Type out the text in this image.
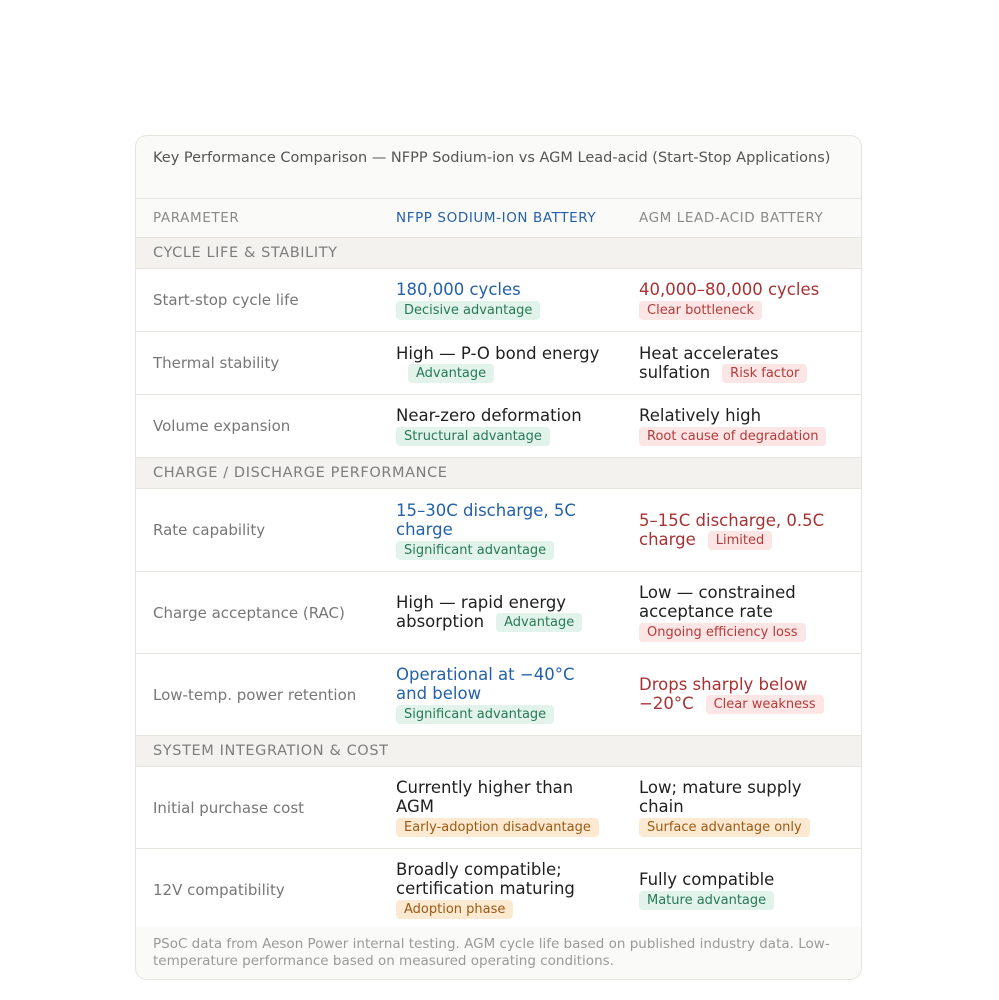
Key Performance Comparison — NFPP Sodium-ion vs AGM Lead-acid (Start-Stop Applications)
PARAMETER	NFPP SODIUM-ION BATTERY	AGM LEAD-ACID BATTERY
CYCLE LIFE & STABILITY
Start-stop cycle life
180,000 cycles
Decisive advantage
40,000–80,000 cycles
Clear bottleneck
Thermal stability
High — P-O bond energyAdvantage
Heat accelerates sulfation Risk factor
Volume expansion
Near-zero deformation
Structural advantage
Relatively high
Root cause of degradation
CHARGE / DISCHARGE PERFORMANCE
Rate capability
15–30C discharge, 5C charge
Significant advantage
5–15C discharge, 0.5C charge Limited
Charge acceptance (RAC)
High — rapid energy absorption Advantage
Low — constrained acceptance rate
Ongoing efficiency loss
Low-temp. power retention
Operational at −40°C and below
Significant advantage
Drops sharply below −20°C Clear weakness
SYSTEM INTEGRATION & COST
Initial purchase cost
Currently higher than AGM
Early-adoption disadvantage
Low; mature supply chain
Surface advantage only
12V compatibility
Broadly compatible; certification maturing
Adoption phase
Fully compatible
Mature advantage
PSoC data from Aeson Power internal testing. AGM cycle life based on published industry data. Low-temperature performance based on measured operating conditions.
